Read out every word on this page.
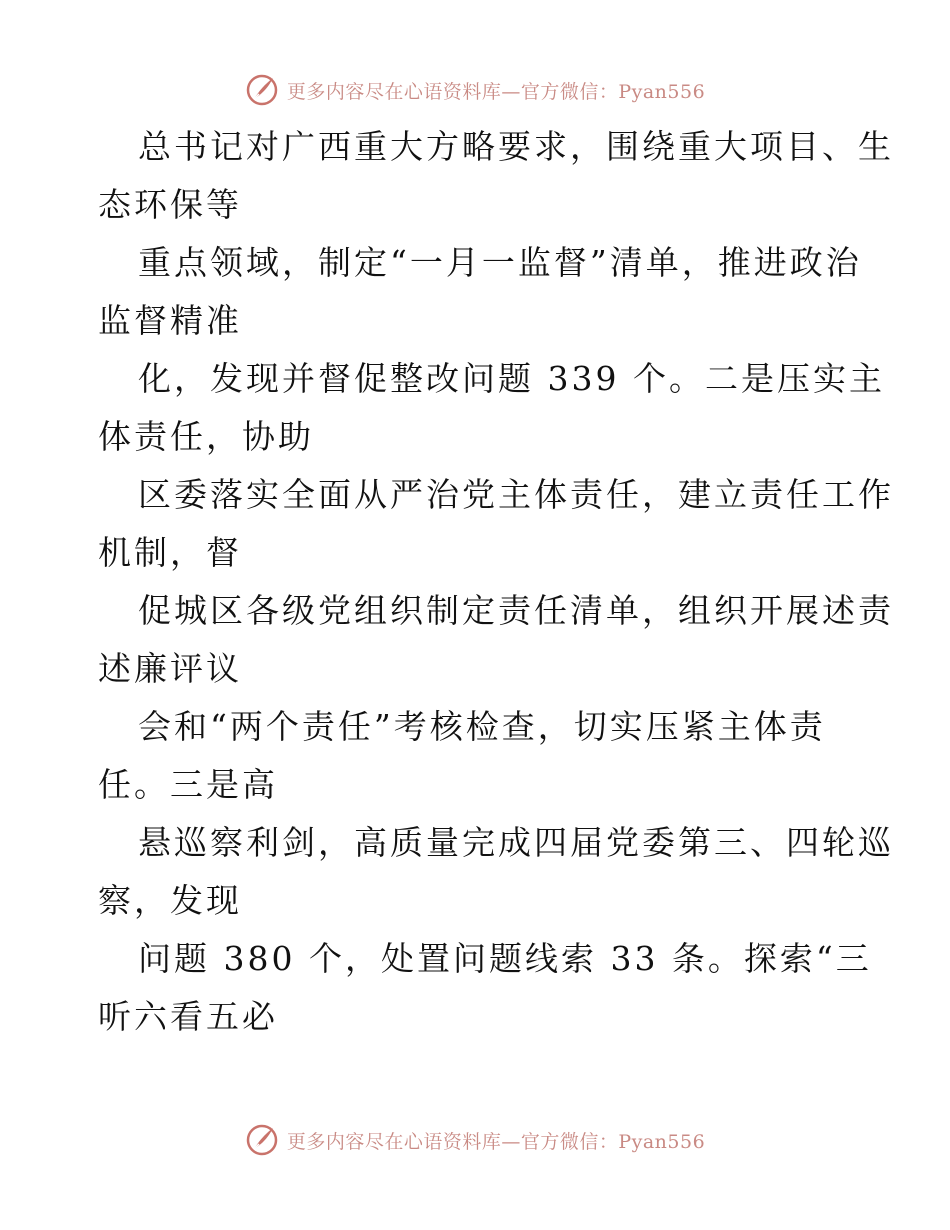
更多内容尽在心语资料库—官方微信：Pyan556
总书记对广西重大方略要求，围绕重大项目、生
态环保等
重点领域，制定“一月一监督”清单，推进政治
监督精准
化，发现并督促整改问题 339 个。二是压实主
体责任，协助
区委落实全面从严治党主体责任，建立责任工作
机制，督
促城区各级党组织制定责任清单，组织开展述责
述廉评议
会和“两个责任”考核检查，切实压紧主体责
任。三是高
悬巡察利剑，高质量完成四届党委第三、四轮巡
察，发现
问题 380 个，处置问题线索 33 条。探索“三
听六看五必
更多内容尽在心语资料库—官方微信：Pyan556
